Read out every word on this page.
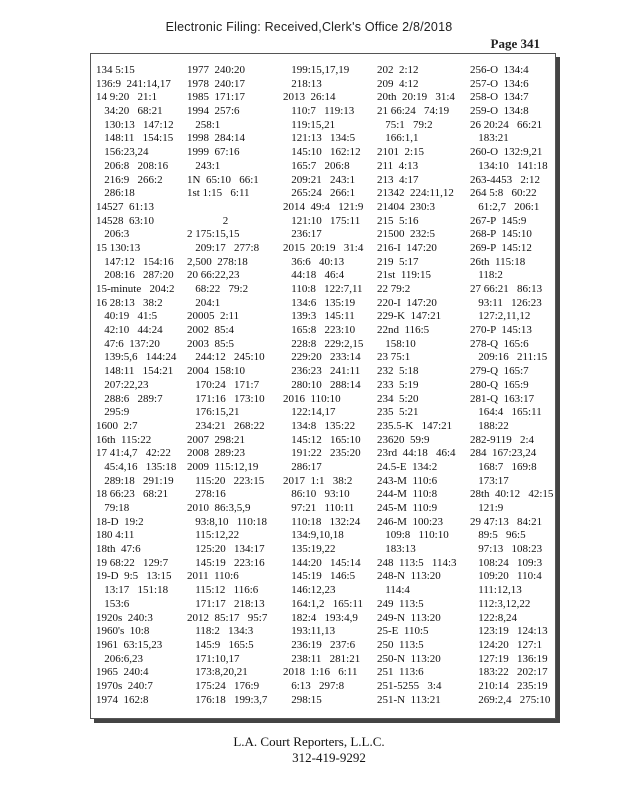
Electronic Filing: Received,Clerk's Office 2/8/2018
Page 341
134 5:15
136:9  241:14,17
14 9:20   21:1
34:20   68:21
130:13   147:12
148:11   154:15
156:23,24
206:8   208:16
216:9   266:2
286:18
14527  61:13
14528  63:10
206:3
15 130:13
147:12   154:16
208:16   287:20
15-minute   204:2
16 28:13   38:2
40:19   41:5
42:10   44:24
47:6  137:20
139:5,6   144:24
148:11   154:21
207:22,23
288:6   289:7
295:9
1600  2:7
16th  115:22
17 41:4,7   42:22
45:4,16   135:18
289:18   291:19
18 66:23   68:21
79:18
18-D  19:2
180 4:11
18th  47:6
19 68:22   129:7
19-D  9:5   13:15
13:17   151:18
153:6
1920s  240:3
1960's  10:8
1961  63:15,23
206:6,23
1965  240:4
1970s  240:7
1974  162:8
1977  240:20
1978  240:17
1985  171:17
1994  257:6
258:1
1998  284:14
1999  67:16
243:1
1N  65:10   66:1
1st 1:15   6:11
2
2 175:15,15
209:17   277:8
2,500  278:18
20 66:22,23
68:22   79:2
204:1
20005  2:11
2002  85:4
2003  85:5
244:12   245:10
2004  158:10
170:24   171:7
171:16   173:10
176:15,21
234:21   268:22
2007  298:21
2008  289:23
2009  115:12,19
115:20   223:15
278:16
2010  86:3,5,9
93:8,10   110:18
115:12,22
125:20   134:17
145:19   223:16
2011  110:6
115:12   116:6
171:17   218:13
2012  85:17   95:7
118:2   134:3
145:9   165:5
171:10,17
173:8,20,21
175:24   176:9
176:18   199:3,7
199:15,17,19
218:13
2013  26:14
110:7   119:13
119:15,21
121:13   134:5
145:10   162:12
165:7   206:8
209:21   243:1
265:24   266:1
2014  49:4   121:9
121:10   175:11
236:17
2015  20:19   31:4
36:6   40:13
44:18   46:4
110:8   122:7,11
134:6   135:19
139:3   145:11
165:8   223:10
228:8   229:2,15
229:20   233:14
236:23   241:11
280:10   288:14
2016  110:10
122:14,17
134:8   135:22
145:12   165:10
191:22   235:20
286:17
2017  1:1   38:2
86:10   93:10
97:21   110:11
110:18   132:24
134:9,10,18
135:19,22
144:20   145:14
145:19   146:5
146:12,23
164:1,2   165:11
182:4   193:4,9
193:11,13
236:19   237:6
238:11   281:21
2018  1:16   6:11
6:13   297:8
298:15
202  2:12
209  4:12
20th  20:19   31:4
21 66:24   74:19
75:1   79:2
166:1,1
2101  2:15
211  4:13
213  4:17
21342  224:11,12
21404  230:3
215  5:16
21500  232:5
216-I  147:20
219  5:17
21st  119:15
22 79:2
220-I  147:20
229-K  147:21
22nd  116:5
158:10
23 75:1
232  5:18
233  5:19
234  5:20
235  5:21
235.5-K   147:21
23620  59:9
23rd  44:18   46:4
24.5-E  134:2
243-M  110:6
244-M  110:8
245-M  110:9
246-M  100:23
109:8   110:10
183:13
248  113:5   114:3
248-N  113:20
114:4
249  113:5
249-N  113:20
25-E  110:5
250  113:5
250-N  113:20
251  113:6
251-5255   3:4
251-N  113:21
256-O  134:4
257-O  134:6
258-O  134:7
259-O  134:8
26 20:24   66:21
183:21
260-O  132:9,21
134:10   141:18
263-4453   2:12
264 5:8   60:22
61:2,7   206:1
267-P  145:9
268-P  145:10
269-P  145:12
26th  115:18
118:2
27 66:21   86:13
93:11   126:23
127:2,11,12
270-P  145:13
278-Q  165:6
209:16   211:15
279-Q  165:7
280-Q  165:9
281-Q  163:17
164:4   165:11
188:22
282-9119   2:4
284  167:23,24
168:7   169:8
173:17
28th  40:12   42:15
121:9
29 47:13   84:21
89:5   96:5
97:13   108:23
108:24   109:3
109:20   110:4
111:12,13
112:3,12,22
122:8,24
123:19   124:13
124:20   127:1
127:19   136:19
183:22   202:17
210:14   235:19
269:2,4   275:10
L.A. Court Reporters, L.L.C.
312-419-9292
